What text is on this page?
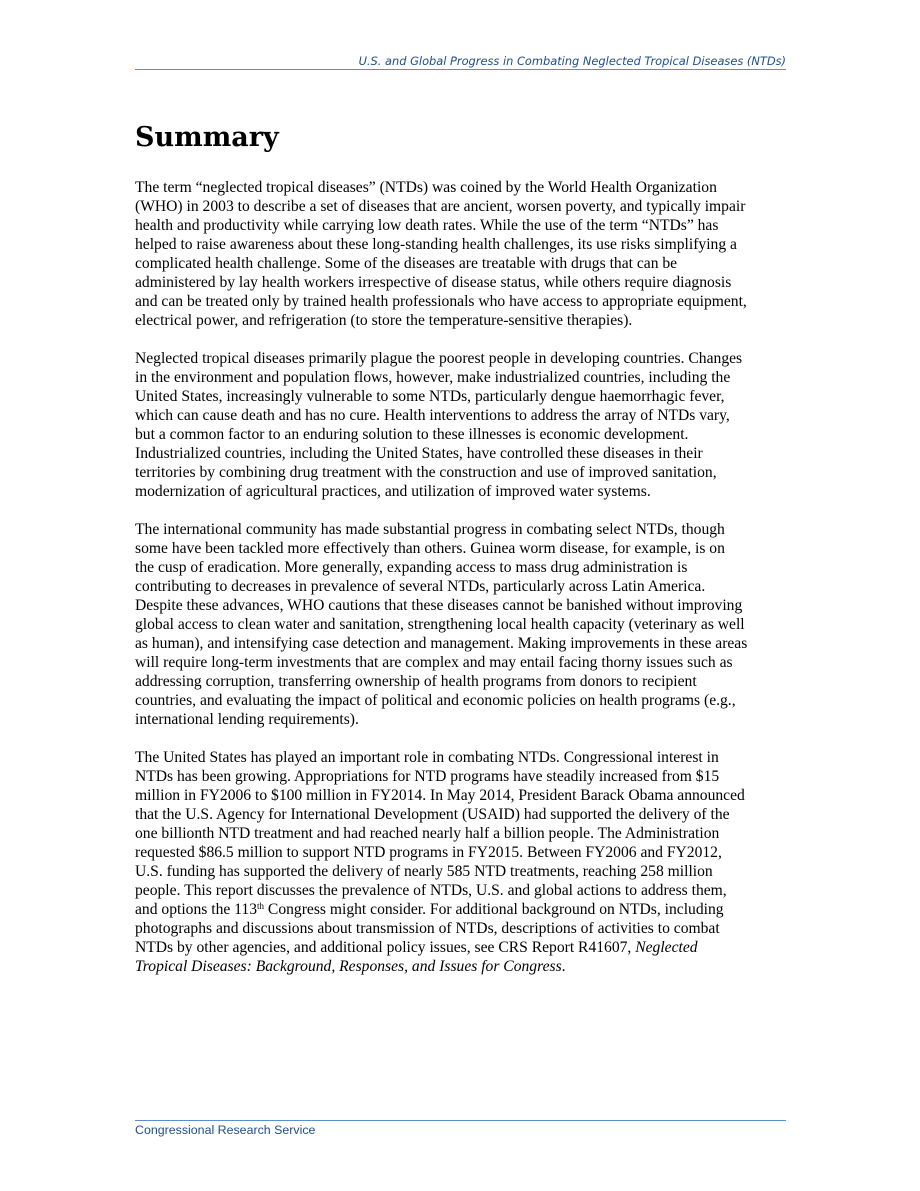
U.S. and Global Progress in Combating Neglected Tropical Diseases (NTDs)
Summary

The term “neglected tropical diseases” (NTDs) was coined by the World Health Organization
(WHO) in 2003 to describe a set of diseases that are ancient, worsen poverty, and typically impair
health and productivity while carrying low death rates. While the use of the term “NTDs” has
helped to raise awareness about these long-standing health challenges, its use risks simplifying a
complicated health challenge. Some of the diseases are treatable with drugs that can be
administered by lay health workers irrespective of disease status, while others require diagnosis
and can be treated only by trained health professionals who have access to appropriate equipment,
electrical power, and refrigeration (to store the temperature-sensitive therapies).

Neglected tropical diseases primarily plague the poorest people in developing countries. Changes
in the environment and population flows, however, make industrialized countries, including the
United States, increasingly vulnerable to some NTDs, particularly dengue haemorrhagic fever,
which can cause death and has no cure. Health interventions to address the array of NTDs vary,
but a common factor to an enduring solution to these illnesses is economic development.
Industrialized countries, including the United States, have controlled these diseases in their
territories by combining drug treatment with the construction and use of improved sanitation,
modernization of agricultural practices, and utilization of improved water systems.

The international community has made substantial progress in combating select NTDs, though
some have been tackled more effectively than others. Guinea worm disease, for example, is on
the cusp of eradication. More generally, expanding access to mass drug administration is
contributing to decreases in prevalence of several NTDs, particularly across Latin America.
Despite these advances, WHO cautions that these diseases cannot be banished without improving
global access to clean water and sanitation, strengthening local health capacity (veterinary as well
as human), and intensifying case detection and management. Making improvements in these areas
will require long-term investments that are complex and may entail facing thorny issues such as
addressing corruption, transferring ownership of health programs from donors to recipient
countries, and evaluating the impact of political and economic policies on health programs (e.g.,
international lending requirements).

The United States has played an important role in combating NTDs. Congressional interest in
NTDs has been growing. Appropriations for NTD programs have steadily increased from $15
million in FY2006 to $100 million in FY2014. In May 2014, President Barack Obama announced
that the U.S. Agency for International Development (USAID) had supported the delivery of the
one billionth NTD treatment and had reached nearly half a billion people. The Administration
requested $86.5 million to support NTD programs in FY2015. Between FY2006 and FY2012,
U.S. funding has supported the delivery of nearly 585 NTD treatments, reaching 258 million
people. This report discusses the prevalence of NTDs, U.S. and global actions to address them,
and options the 113th Congress might consider. For additional background on NTDs, including
photographs and discussions about transmission of NTDs, descriptions of activities to combat
NTDs by other agencies, and additional policy issues, see CRS Report R41607, Neglected
Tropical Diseases: Background, Responses, and Issues for Congress.

Congressional Research Service
